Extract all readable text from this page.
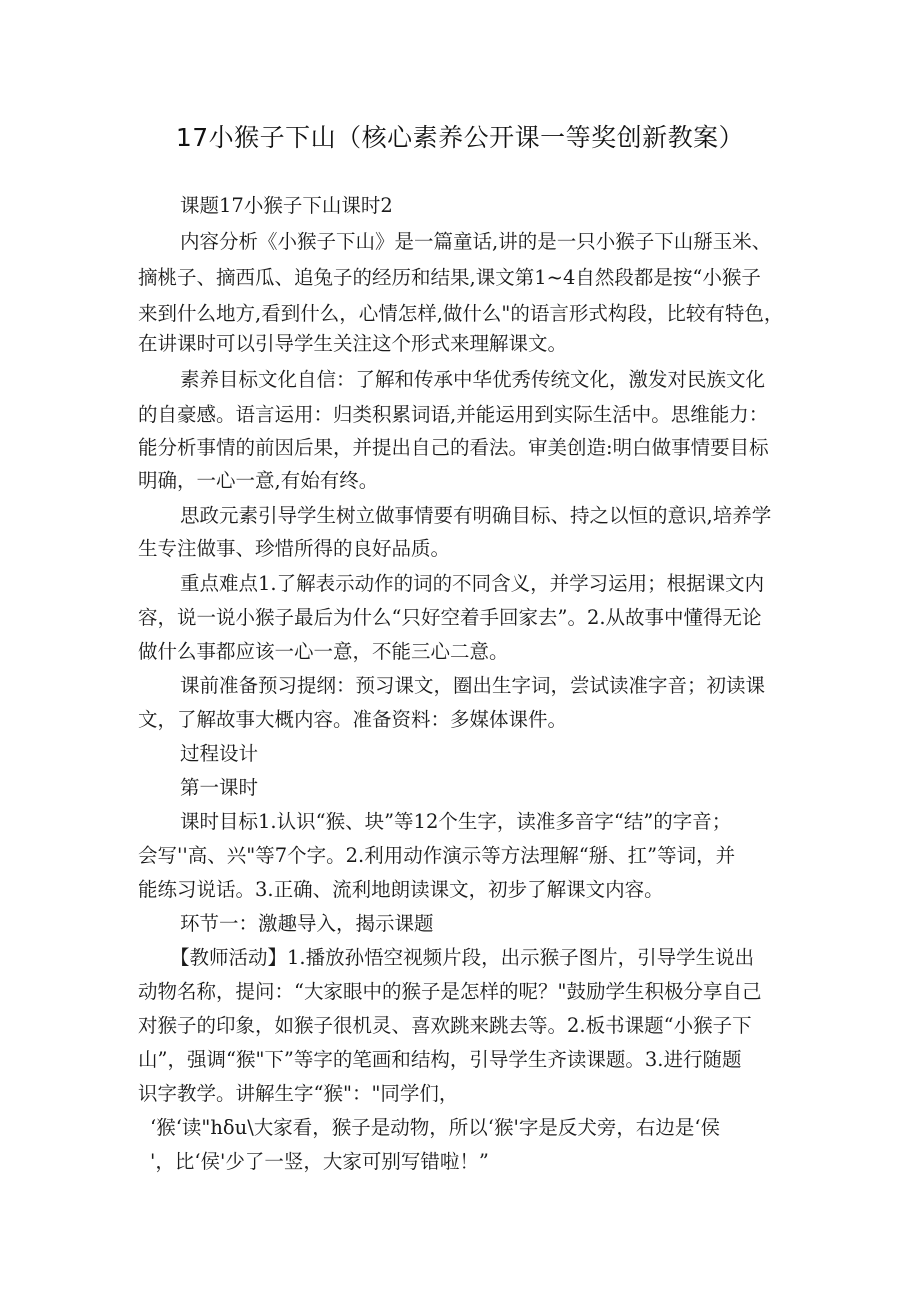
17小猴子下山（核心素养公开课一等奖创新教案）

课题17小猴子下山课时2

内容分析《小猴子下山》是一篇童话,讲的是一只小猴子下山掰玉米、

摘桃子、摘西瓜、追兔子的经历和结果,课文第1~4自然段都是按“小猴子

来到什么地方,看到什么，心情怎样,做什么"的语言形式构段，比较有特色，

在讲课时可以引导学生关注这个形式来理解课文。

素养目标文化自信：了解和传承中华优秀传统文化，激发对民族文化

的自豪感。语言运用：归类积累词语,并能运用到实际生活中。思维能力：

能分析事情的前因后果，并提出自己的看法。审美创造:明白做事情要目标

明确，一心一意,有始有终。

思政元素引导学生树立做事情要有明确目标、持之以恒的意识,培养学

生专注做事、珍惜所得的良好品质。

重点难点1.了解表示动作的词的不同含义，并学习运用；根据课文内

容，说一说小猴子最后为什么“只好空着手回家去”。2.从故事中懂得无论

做什么事都应该一心一意，不能三心二意。

课前准备预习提纲：预习课文，圈出生字词，尝试读准字音；初读课

文，了解故事大概内容。准备资料：多媒体课件。

过程设计

第一课时

课时目标1.认识“猴、块”等12个生字，读准多音字“结”的字音；

会写''高、兴"等7个字。2.利用动作演示等方法理解“掰、扛”等词，并

能练习说话。3.正确、流利地朗读课文，初步了解课文内容。

环节一：激趣导入，揭示课题

【教师活动】1.播放孙悟空视频片段，出示猴子图片，引导学生说出

动物名称，提问：“大家眼中的猴子是怎样的呢？"鼓励学生积极分享自己

对猴子的印象，如猴子很机灵、喜欢跳来跳去等。2.板书课题“小猴子下

山”，强调“猴"下”等字的笔画和结构，引导学生齐读课题。3.进行随题

识字教学。讲解生字“猴"："同学们，

‘猴‘读"hδu\大家看，猴子是动物，所以‘猴'字是反犬旁，右边是‘侯

'，比‘侯'少了一竖，大家可别写错啦！”
